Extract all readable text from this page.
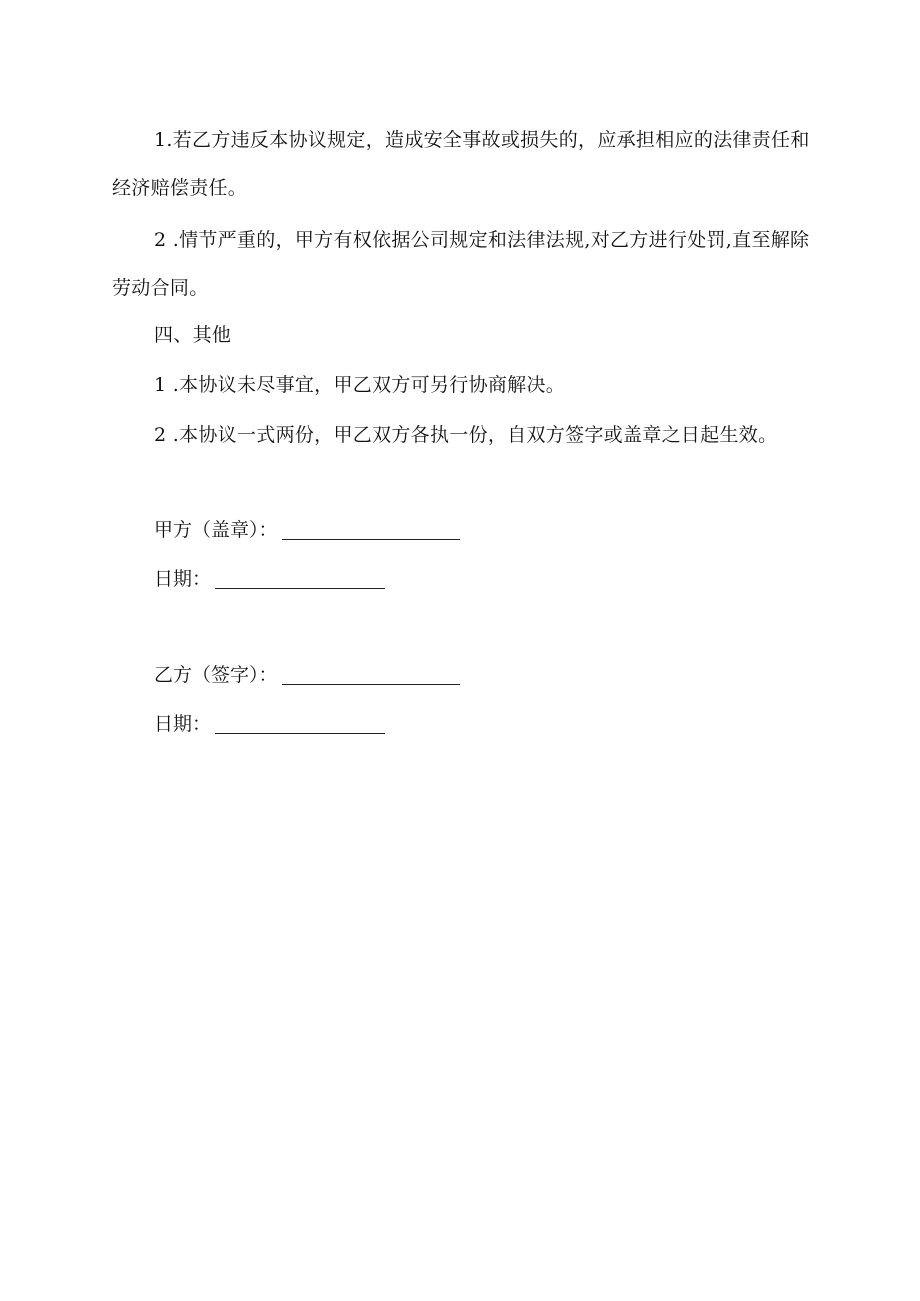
1.若乙方违反本协议规定，造成安全事故或损失的，应承担相应的法律责任和经济赔偿责任。

2 .情节严重的，甲方有权依据公司规定和法律法规,对乙方进行处罚,直至解除劳动合同。

四、其他

1 .本协议未尽事宜，甲乙双方可另行协商解决。

2 .本协议一式两份，甲乙双方各执一份，自双方签字或盖章之日起生效。

甲方（盖章）：
日期：
乙方（签字）：
日期：
